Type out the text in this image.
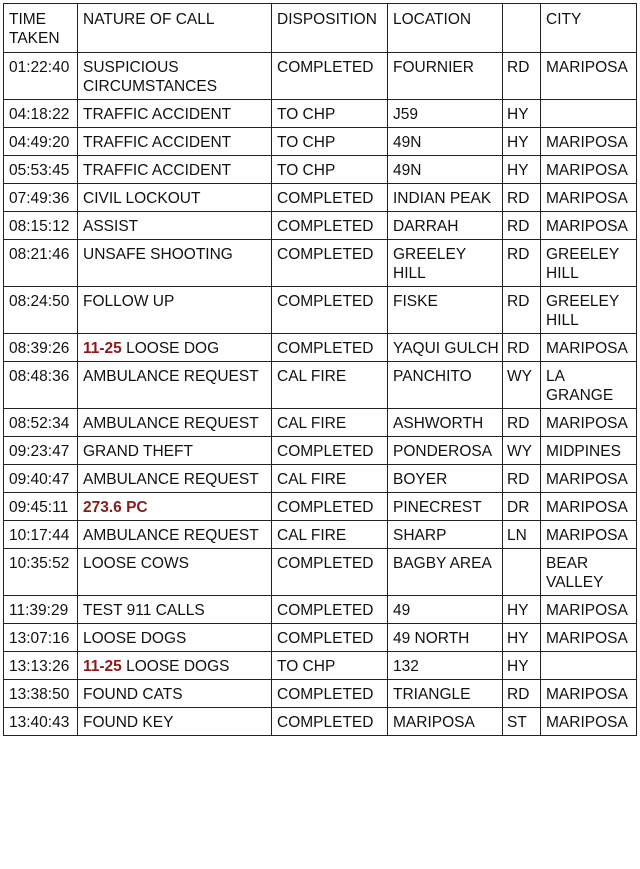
TIME TAKEN	NATURE OF CALL	DISPOSITION	LOCATION		CITY
01:22:40	SUSPICIOUS CIRCUMSTANCES	COMPLETED	FOURNIER	RD	MARIPOSA
04:18:22	TRAFFIC ACCIDENT	TO CHP	J59	HY	
04:49:20	TRAFFIC ACCIDENT	TO CHP	49N	HY	MARIPOSA
05:53:45	TRAFFIC ACCIDENT	TO CHP	49N	HY	MARIPOSA
07:49:36	CIVIL LOCKOUT	COMPLETED	INDIAN PEAK	RD	MARIPOSA
08:15:12	ASSIST	COMPLETED	DARRAH	RD	MARIPOSA
08:21:46	UNSAFE SHOOTING	COMPLETED	GREELEY HILL	RD	GREELEY HILL
08:24:50	FOLLOW UP	COMPLETED	FISKE	RD	GREELEY HILL
08:39:26	11-25 LOOSE DOG	COMPLETED	YAQUI GULCH	RD	MARIPOSA
08:48:36	AMBULANCE REQUEST	CAL FIRE	PANCHITO	WY	LA GRANGE
08:52:34	AMBULANCE REQUEST	CAL FIRE	ASHWORTH	RD	MARIPOSA
09:23:47	GRAND THEFT	COMPLETED	PONDEROSA	WY	MIDPINES
09:40:47	AMBULANCE REQUEST	CAL FIRE	BOYER	RD	MARIPOSA
09:45:11	273.6 PC	COMPLETED	PINECREST	DR	MARIPOSA
10:17:44	AMBULANCE REQUEST	CAL FIRE	SHARP	LN	MARIPOSA
10:35:52	LOOSE COWS	COMPLETED	BAGBY AREA		BEAR VALLEY
11:39:29	TEST 911 CALLS	COMPLETED	49	HY	MARIPOSA
13:07:16	LOOSE DOGS	COMPLETED	49 NORTH	HY	MARIPOSA
13:13:26	11-25 LOOSE DOGS	TO CHP	132	HY	
13:38:50	FOUND CATS	COMPLETED	TRIANGLE	RD	MARIPOSA
13:40:43	FOUND KEY	COMPLETED	MARIPOSA	ST	MARIPOSA
